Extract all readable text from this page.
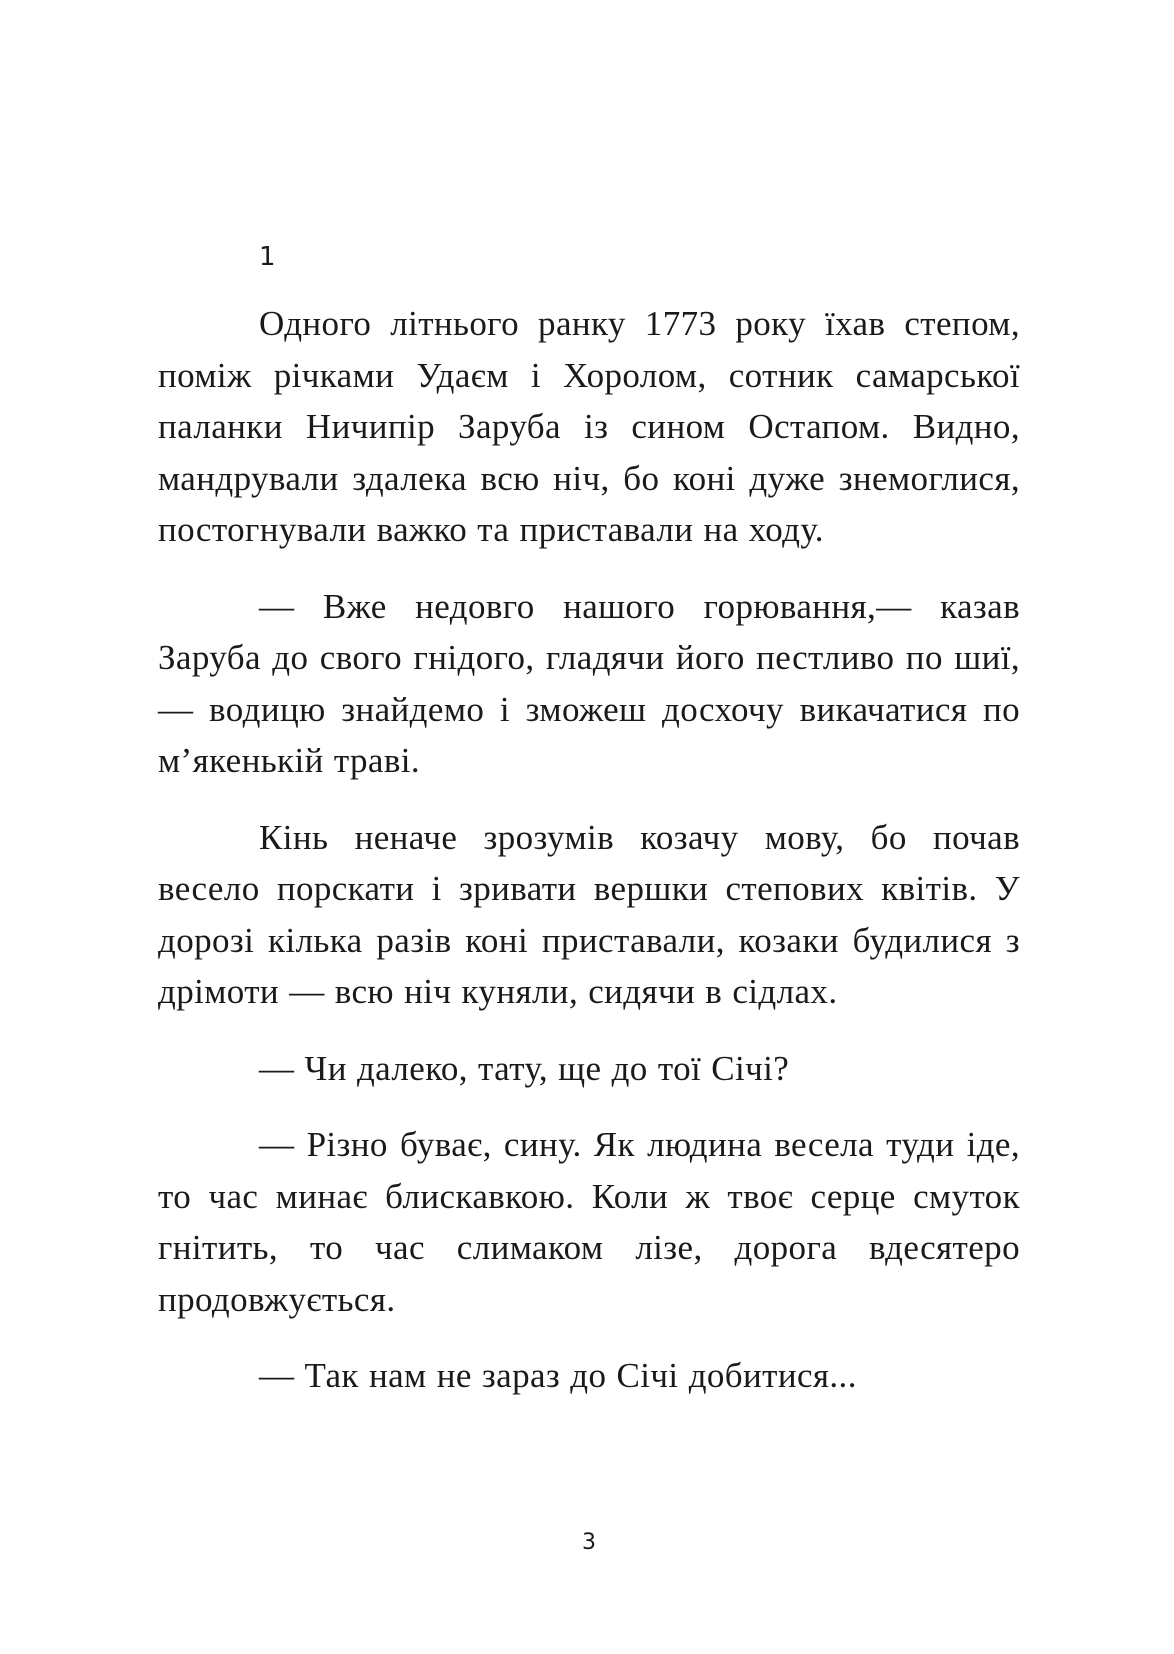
1

Одного літнього ранку 1773 року їхав степом, поміж річками Удаєм і Хоролом, сотник самарської паланки Ничипір Заруба із сином Остапом. Видно, мандрували здалека всю ніч, бо коні дуже знемоглися, постогнували важко та приставали на ходу.

— Вже недовго нашого горювання,— казав Заруба до свого гнідого, гладячи його пестливо по шиї,— водицю знайдемо і зможеш досхочу викачатися по м’якенькій траві.

Кінь неначе зрозумів козачу мову, бо почав весело порскати і зривати вершки степових квітів. У дорозі кілька разів коні приставали, козаки будилися з дрімоти — всю ніч куняли, сидячи в сідлах.

— Чи далеко, тату, ще до тої Січі?

— Різно буває, сину. Як людина весела туди іде, то час минає блискавкою. Коли ж твоє серце смуток гнітить, то час слимаком лізе, дорога вдесятеро продовжується.

— Так нам не зараз до Січі добитися...

3
